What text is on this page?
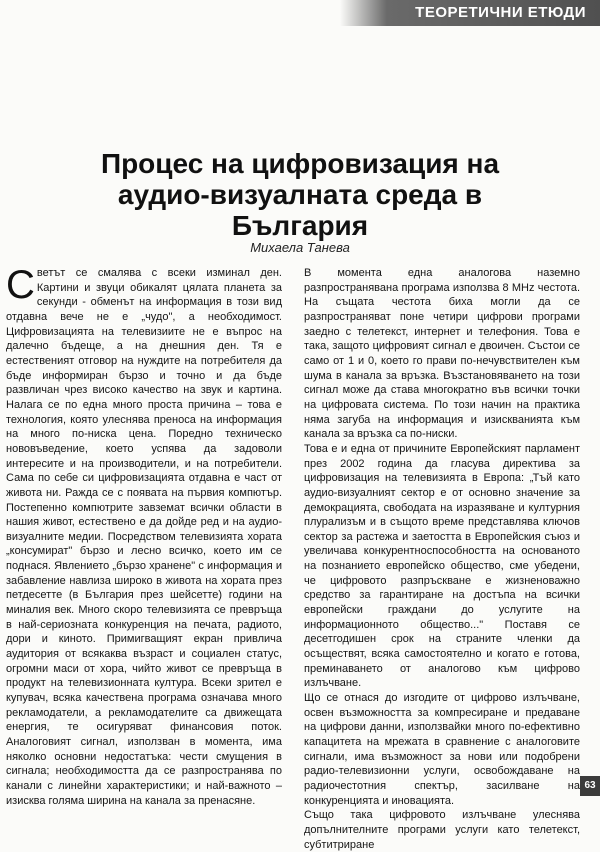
ТЕОРЕТИЧНИ ЕТЮДИ
Процес на цифровизация на аудио-визуалната среда в България
Михаела Танева
С ветът се смалява с всеки изминал ден. Картини и звуци обикалят цялата планета за секунди - обменът на информация в този вид отдавна вече не е „чудо", а необходимост. Цифровизацията на телевизиите не е въпрос на далечно бъдеще, а на днешния ден. Тя е естественият отговор на нуждите на потребителя да бъде информиран бързо и точно и да бъде развличан чрез високо качество на звук и картина. Налага се по една много проста причина – това е технология, която улеснява преноса на информация на много по-ниска цена. Поредно техническо нововъведение, което успява да задоволи интересите и на производители, и на потребители. Сама по себе си цифровизацията отдавна е част от живота ни. Ражда се с появата на първия компютър. Постепенно компютрите завземат всички области в нашия живот, естествено е да дойде ред и на аудио-визуалните медии. Посредством телевизията хората „консумират" бързо и лесно всичко, което им се поднася. Явлението „бързо хранене" с информация и забавление навлиза широко в живота на хората през петдесетте (в България през шейсетте) години на миналия век. Много скоро телевизията се превръща в най-сериозната конкуренция на печата, радиото, дори и киното. Примигващият екран привлича аудитория от всякаква възраст и социален статус, огромни маси от хора, чийто живот се превръща в продукт на телевизионната култура. Всеки зрител е купувач, всяка качествена програма означава много рекламодатели, а рекламодателите са движещата енергия, те осигуряват финансовия поток. Аналоговият сигнал, използван в момента, има няколко основни недостатъка: чести смущения в сигнала; необходимостта да се разпространява по канали с линейни характеристики; и най-важното – изисква голяма ширина на канала за пренасяне.

В момента една аналогова наземно разпространявана програма използва 8 MHz честота. На същата честота биха могли да се разпространяват поне четири цифрови програми заедно с телетекст, интернет и телефония. Това е така, защото цифровият сигнал е двоичен. Състои се само от 1 и 0, което го прави по-нечувствителен към шума в канала за връзка. Възстановяването на този сигнал може да става многократно във всички точки на цифровата система. По този начин на практика няма загуба на информация и изискванията към канала за връзка са по-ниски.

Това е и една от причините Европейският парламент през 2002 година да гласува директива за цифровизация на телевизията в Европа: „Тъй като аудио-визуалният сектор е от основно значение за демокрацията, свободата на изразяване и културния плурализъм и в същото време представлява ключов сектор за растежа и заетостта в Европейския съюз и увеличава конкурентноспособността на основаното на познанието европейско общество, сме убедени, че цифровото разпръскване е жизненоважно средство за гарантиране на достъпа на всички европейски граждани до услугите на информационното общество..." Поставя се десетгодишен срок на страните членки да осъществят, всяка самостоятелно и когато е готова, преминаването от аналогово към цифрово излъчване.

Що се отнася до изгодите от цифрово излъчване, освен възможността за компресиране и предаване на цифрови данни, използвайки много по-ефективно капацитета на мрежата в сравнение с аналоговите сигнали, има възможност за нови или подобрени радио-телевизионни услуги, освобождаване на радиочестотния спектър, засилване на конкуренцията и иновацията.

Също така цифровото излъчване улеснява допълнителните програми услуги като телетекст, субтитриране

63
